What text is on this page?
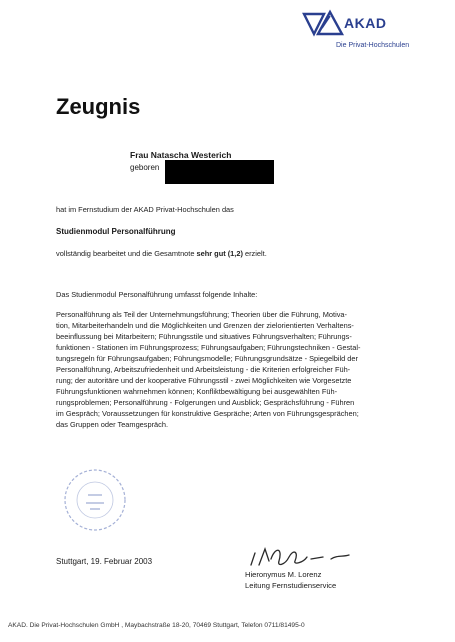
AKAD
Die Privat-Hochschulen
Zeugnis
Frau Natascha Westerich
geboren
hat im Fernstudium der AKAD Privat-Hochschulen das
Studienmodul Personalführung
vollständig bearbeitet und die Gesamtnote sehr gut (1,2) erzielt.
Das Studienmodul Personalführung umfasst folgende Inhalte:
Personalführung als Teil der Unternehmungsführung; Theorien über die Führung, Motiva-
tion, Mitarbeiterhandeln und die Möglichkeiten und Grenzen der zielorientierten Verhaltens-
beeinflussung bei Mitarbeitern; Führungsstile und situatives Führungsverhalten; Führungs-
funktionen - Stationen im Führungsprozess; Führungsaufgaben; Führungstechniken - Gestal-
tungsregeln für Führungsaufgaben; Führungsmodelle; Führungsgrundsätze - Spiegelbild der
Personalführung, Arbeitszufriedenheit und Arbeitsleistung - die Kriterien erfolgreicher Füh-
rung; der autoritäre und der kooperative Führungsstil - zwei Möglichkeiten wie Vorgesetzte
Führungsfunktionen wahrnehmen können; Konfliktbewältigung bei ausgewählten Füh-
rungsproblemen; Personalführung - Folgerungen und Ausblick; Gesprächsführung - Führen
im Gespräch; Voraussetzungen für konstruktive Gespräche; Arten von Führungsgesprächen;
das Gruppen oder Teamgespräch.
Stuttgart, 19. Februar 2003
Hieronymus M. Lorenz
Leitung Fernstudienservice
AKAD. Die Privat-Hochschulen GmbH , Maybachstraße 18-20, 70469 Stuttgart, Telefon 0711/81495-0
